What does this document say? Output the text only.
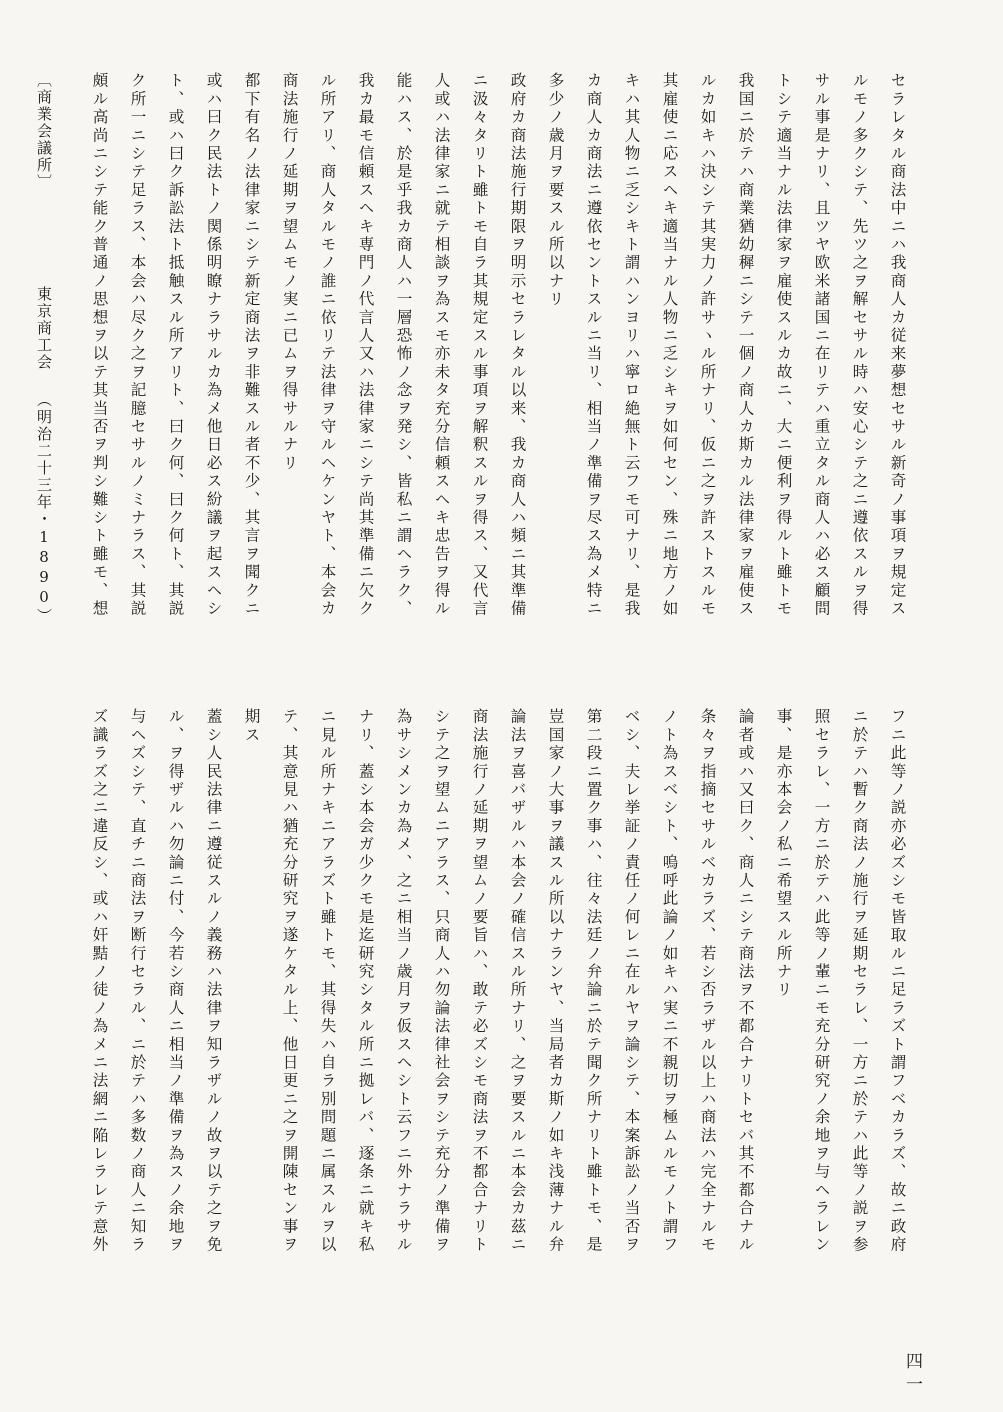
セラレタル商法中ニハ我商人カ従来夢想セサル新奇ノ事項ヲ規定ス

ルモノ多クシテ、先ツ之ヲ解セサル時ハ安心シテ之ニ遵依スルヲ得

サル事是ナリ、且ツヤ欧米諸国ニ在リテハ重立タル商人ハ必ス顧問

トシテ適当ナル法律家ヲ雇使スルカ故ニ、大ニ便利ヲ得ルト雖トモ

我国ニ於テハ商業猶幼穉ニシテ一個ノ商人カ斯カル法律家ヲ雇使ス

ルカ如キハ決シテ其実力ノ許サヽル所ナリ、仮ニ之ヲ許ストスルモ

其雇使ニ応スヘキ適当ナル人物ニ乏シキヲ如何セン、殊ニ地方ノ如

キハ其人物ニ乏シキト謂ハンヨリハ寧ロ絶無ト云フモ可ナリ、是我

カ商人カ商法ニ遵依セントスルニ当リ、相当ノ準備ヲ尽ス為メ特ニ

多少ノ歳月ヲ要スル所以ナリ

政府カ商法施行期限ヲ明示セラレタル以来、我カ商人ハ頻ニ其準備

ニ汲々タリト雖トモ自ラ其規定スル事項ヲ解釈スルヲ得ス、又代言

人或ハ法律家ニ就テ相談ヲ為スモ亦未タ充分信頼スヘキ忠告ヲ得ル

能ハス、於是乎我カ商人ハ一層恐怖ノ念ヲ発シ、皆私ニ謂ヘラク、

我カ最モ信頼スヘキ専門ノ代言人又ハ法律家ニシテ尚其準備ニ欠ク

ル所アリ、商人タルモノ誰ニ依リテ法律ヲ守ルヘケンヤト、本会カ

商法施行ノ延期ヲ望ムモノ実ニ已ムヲ得サルナリ

都下有名ノ法律家ニシテ新定商法ヲ非難スル者不少、其言ヲ聞クニ

或ハ曰ク民法トノ関係明瞭ナラサルカ為メ他日必ス紛議ヲ起スヘシ

ト、或ハ曰ク訴訟法ト抵触スル所アリト、曰ク何、曰ク何ト、其説

ク所一ニシテ足ラス、本会ハ尽ク之ヲ記臆セサルノミナラス、其説

頗ル高尚ニシテ能ク普通ノ思想ヲ以テ其当否ヲ判シ難シト雖モ、想

〔商業会議所〕
東京商工会
（明治二十三年・1890）

フニ此等ノ説亦必ズシモ皆取ルニ足ラズト謂フベカラズ、故ニ政府

ニ於テハ暫ク商法ノ施行ヲ延期セラレ、一方ニ於テハ此等ノ説ヲ参

照セラレ、一方ニ於テハ此等ノ輩ニモ充分研究ノ余地ヲ与ヘラレン

事、是亦本会ノ私ニ希望スル所ナリ

論者或ハ又曰ク、商人ニシテ商法ヲ不都合ナリトセバ其不都合ナル

条々ヲ指摘セサルベカラズ、若シ否ラザル以上ハ商法ハ完全ナルモ

ノト為スベシト、嗚呼此論ノ如キハ実ニ不親切ヲ極ムルモノト謂フ

ベシ、夫レ挙証ノ責任ノ何レニ在ルヤヲ論シテ、本案訴訟ノ当否ヲ

第二段ニ置ク事ハ、往々法廷ノ弁論ニ於テ聞ク所ナリト雖トモ、是

豈国家ノ大事ヲ議スル所以ナランヤ、当局者カ斯ノ如キ浅薄ナル弁

論法ヲ喜バザルハ本会ノ確信スル所ナリ、之ヲ要スルニ本会カ茲ニ

商法施行ノ延期ヲ望ムノ要旨ハ、敢テ必ズシモ商法ヲ不都合ナリト

シテ之ヲ望ムニアラス、只商人ハ勿論法律社会ヲシテ充分ノ準備ヲ

為サシメンカ為メ、之ニ相当ノ歳月ヲ仮スヘシト云フニ外ナラサル

ナリ、蓋シ本会ガ少クモ是迄研究シタル所ニ拠レバ、逐条ニ就キ私

ニ見ル所ナキニアラズト雖トモ、其得失ハ自ラ別問題ニ属スルヲ以

テ、其意見ハ猶充分研究ヲ遂ケタル上、他日更ニ之ヲ開陳セン事ヲ

期ス

蓋シ人民法律ニ遵従スルノ義務ハ法律ヲ知ラザルノ故ヲ以テ之ヲ免

ル、ヲ得ザルハ勿論ニ付、今若シ商人ニ相当ノ準備ヲ為スノ余地ヲ

与ヘズシテ、直チニ商法ヲ断行セラル、ニ於テハ多数ノ商人ニ知ラ

ズ識ラズ之ニ違反シ、或ハ奸黠ノ徒ノ為メニ法網ニ陥レラレテ意外

四一
